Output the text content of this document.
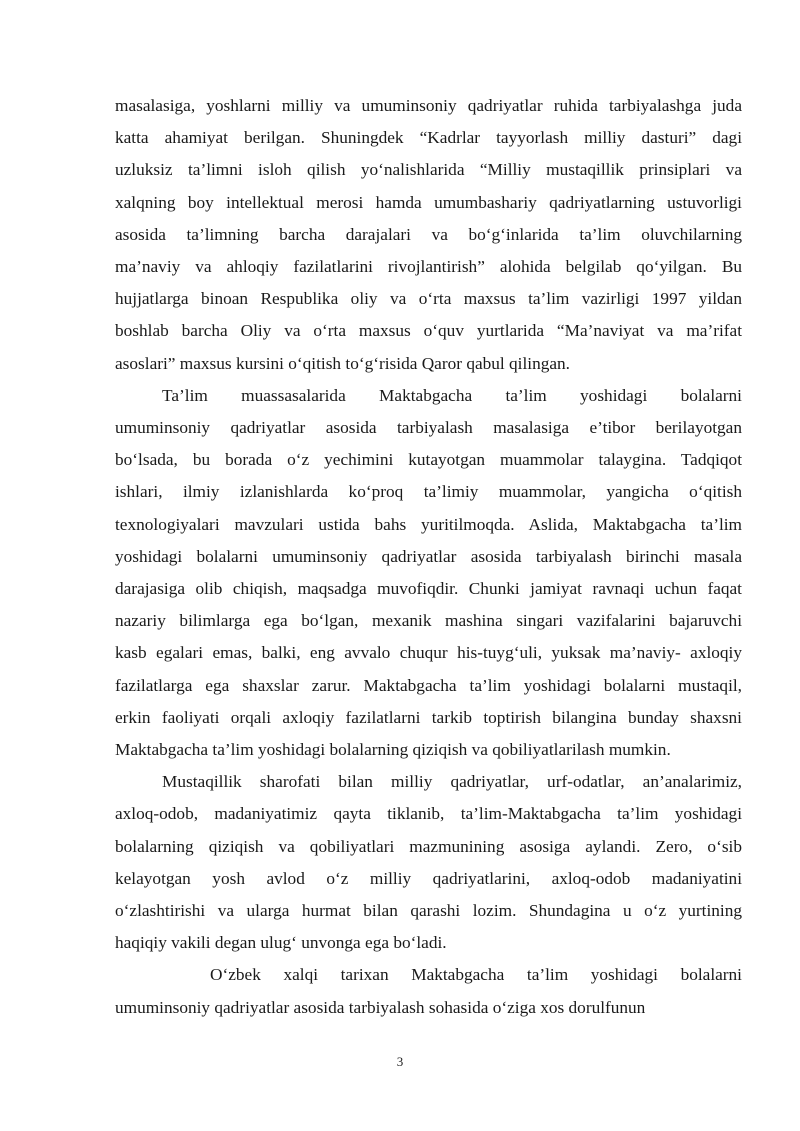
masalasiga, yoshlarni milliy va umuminsoniy qadriyatlar ruhida tarbiyalashga juda
katta ahamiyat berilgan. Shuningdek “Kadrlar tayyorlash milliy dasturi” dagi
uzluksiz ta’limni isloh qilish yo‘nalishlarida “Milliy mustaqillik prinsiplari va
xalqning boy intellektual merosi hamda umumbashariy qadriyatlarning ustuvorligi
asosida ta’limning barcha darajalari va bo‘g‘inlarida ta’lim oluvchilarning
ma’naviy va ahloqiy fazilatlarini rivojlantirish” alohida belgilab qo‘yilgan. Bu
hujjatlarga binoan Respublika oliy va o‘rta maxsus ta’lim vazirligi 1997 yildan
boshlab barcha Oliy va o‘rta maxsus o‘quv yurtlarida “Ma’naviyat va ma’rifat
asoslari” maxsus kursini o‘qitish to‘g‘risida Qaror qabul qilingan.
Ta’lim muassasalarida Maktabgacha ta’lim yoshidagi bolalarni
umuminsoniy qadriyatlar asosida tarbiyalash masalasiga e’tibor berilayotgan
bo‘lsada, bu borada o‘z yechimini kutayotgan muammolar talaygina. Tadqiqot
ishlari, ilmiy izlanishlarda ko‘proq ta’limiy muammolar, yangicha o‘qitish
texnologiyalari mavzulari ustida bahs yuritilmoqda. Aslida, Maktabgacha ta’lim
yoshidagi bolalarni umuminsoniy qadriyatlar asosida tarbiyalash birinchi masala
darajasiga olib chiqish, maqsadga muvofiqdir. Chunki jamiyat ravnaqi uchun faqat
nazariy bilimlarga ega bo‘lgan, mexanik mashina singari vazifalarini bajaruvchi
kasb egalari emas, balki, eng avvalo chuqur his-tuyg‘uli, yuksak ma’naviy- axloqiy
fazilatlarga ega shaxslar zarur. Maktabgacha ta’lim yoshidagi bolalarni mustaqil,
erkin faoliyati orqali axloqiy fazilatlarni tarkib toptirish bilangina bunday shaxsni
Maktabgacha ta’lim yoshidagi bolalarning qiziqish va qobiliyatlarilash mumkin.
Mustaqillik sharofati bilan milliy qadriyatlar, urf-odatlar, an’analarimiz,
axloq-odob, madaniyatimiz qayta tiklanib, ta’lim-Maktabgacha ta’lim yoshidagi
bolalarning qiziqish va qobiliyatlari mazmunining asosiga aylandi. Zero, o‘sib
kelayotgan yosh avlod o‘z milliy qadriyatlarini, axloq-odob madaniyatini
o‘zlashtirishi va ularga hurmat bilan qarashi lozim. Shundagina u o‘z yurtining
haqiqiy vakili degan ulug‘ unvonga ega bo‘ladi.
O‘zbek xalqi tarixan Maktabgacha ta’lim yoshidagi bolalarni
umuminsoniy qadriyatlar asosida tarbiyalash sohasida o‘ziga xos dorulfunun
3
